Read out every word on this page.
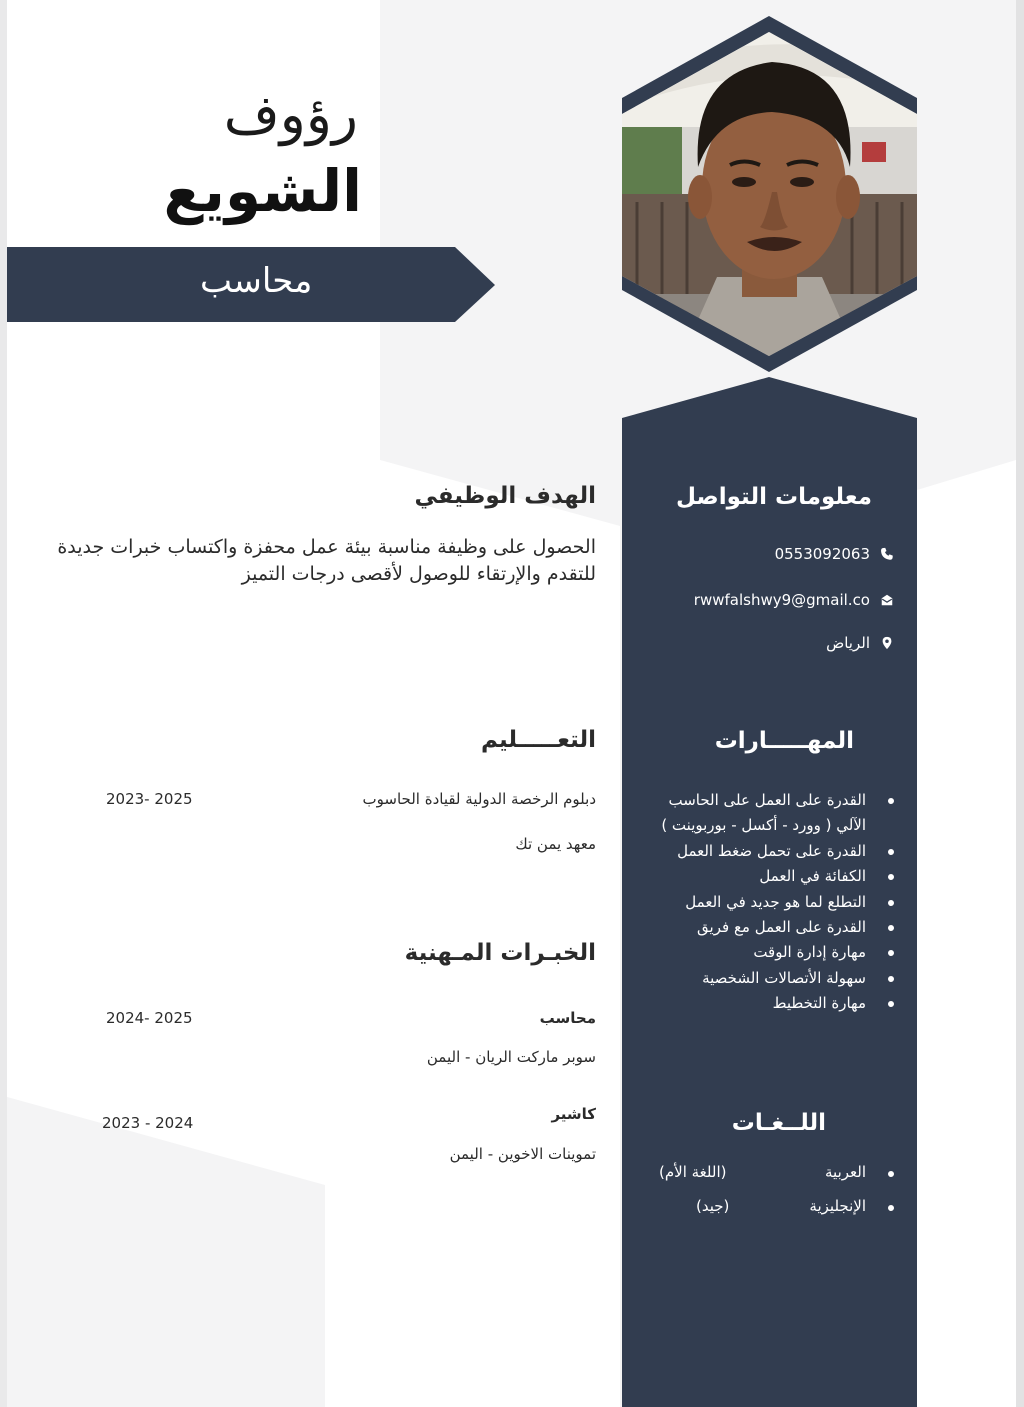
رؤوف
الشويع
محاسب
الهدف الوظيفي

الحصول على وظيفة مناسبة بيئة عمل محفزة واكتساب خبرات جديدة للتقدم والإرتقاء للوصول لأقصى درجات التميز

التعـــــليم
دبلوم الرخصة الدولية لقيادة الحاسوب
2023- 2025
معهد يمن تك
الخبـرات المـهنية
محاسب
2024- 2025
سوبر ماركت الريان - اليمن
كاشير
2023 - 2024
تموينات الاخوين - اليمن
معلومات التواصل
0553092063
rwwfalshwy9@gmail.co
الرياض
المهـــــارات
القدرة على العمل على الحاسب الآلي ( وورد - أكسل - بوربوينت )
القدرة على تحمل ضغط العمل
الكفائة في العمل
التطلع لما هو جديد في العمل
القدرة على العمل مع فريق
مهارة إدارة الوقت
سهولة الأتصالات الشخصية
مهارة التخطيط
اللــغـات
العربية
(اللغة الأم)
الإنجليزية
(جيد)
